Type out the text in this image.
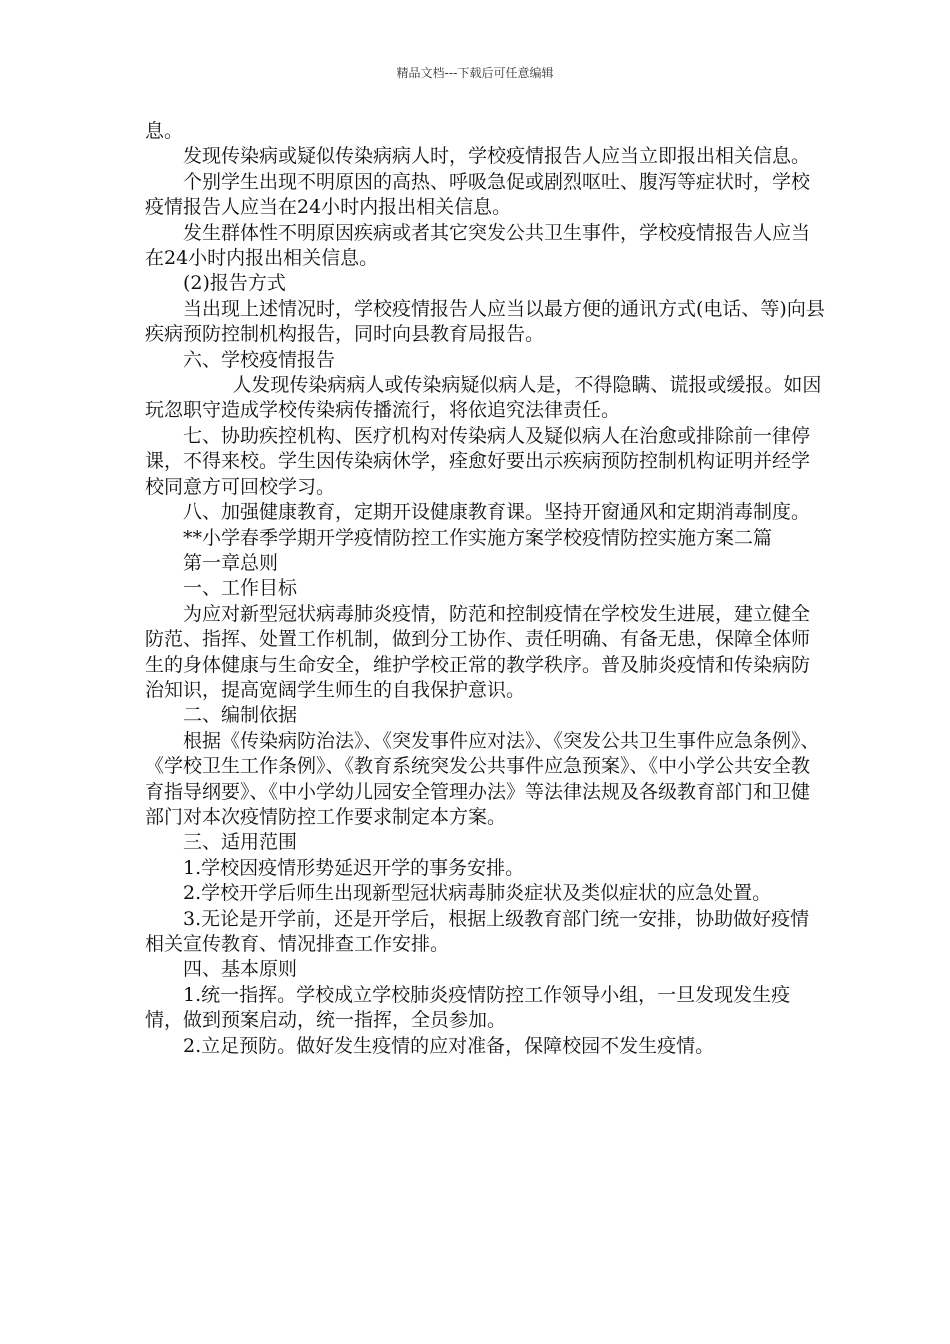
精品文档---下载后可任意编辑

息。

发现传染病或疑似传染病病人时，学校疫情报告人应当立即报出相关信息。

个别学生出现不明原因的高热、呼吸急促或剧烈呕吐、腹泻等症状时，学校疫情报告人应当在24小时内报出相关信息。

发生群体性不明原因疾病或者其它突发公共卫生事件，学校疫情报告人应当在24小时内报出相关信息。

(2)报告方式

当出现上述情况时，学校疫情报告人应当以最方便的通讯方式(电话、等)向县疾病预防控制机构报告，同时向县教育局报告。

六、学校疫情报告

人发现传染病病人或传染病疑似病人是，不得隐瞒、谎报或缓报。如因玩忽职守造成学校传染病传播流行，将依追究法律责任。

七、协助疾控机构、医疗机构对传染病人及疑似病人在治愈或排除前一律停课，不得来校。学生因传染病休学，痊愈好要出示疾病预防控制机构证明并经学校同意方可回校学习。

八、加强健康教育，定期开设健康教育课。坚持开窗通风和定期消毒制度。

**小学春季学期开学疫情防控工作实施方案学校疫情防控实施方案二篇

第一章总则

一、工作目标

为应对新型冠状病毒肺炎疫情，防范和控制疫情在学校发生进展，建立健全防范、指挥、处置工作机制，做到分工协作、责任明确、有备无患，保障全体师生的身体健康与生命安全，维护学校正常的教学秩序。普及肺炎疫情和传染病防治知识，提高宽阔学生师生的自我保护意识。

二、编制依据

根据《传染病防治法》、《突发事件应对法》、《突发公共卫生事件应急条例》、《学校卫生工作条例》、《教育系统突发公共事件应急预案》、《中小学公共安全教育指导纲要》、《中小学幼儿园安全管理办法》等法律法规及各级教育部门和卫健部门对本次疫情防控工作要求制定本方案。

三、适用范围

1.学校因疫情形势延迟开学的事务安排。

2.学校开学后师生出现新型冠状病毒肺炎症状及类似症状的应急处置。

3.无论是开学前，还是开学后，根据上级教育部门统一安排，协助做好疫情相关宣传教育、情况排查工作安排。

四、基本原则

1.统一指挥。学校成立学校肺炎疫情防控工作领导小组，一旦发现发生疫情，做到预案启动，统一指挥，全员参加。

2.立足预防。做好发生疫情的应对准备，保障校园不发生疫情。
